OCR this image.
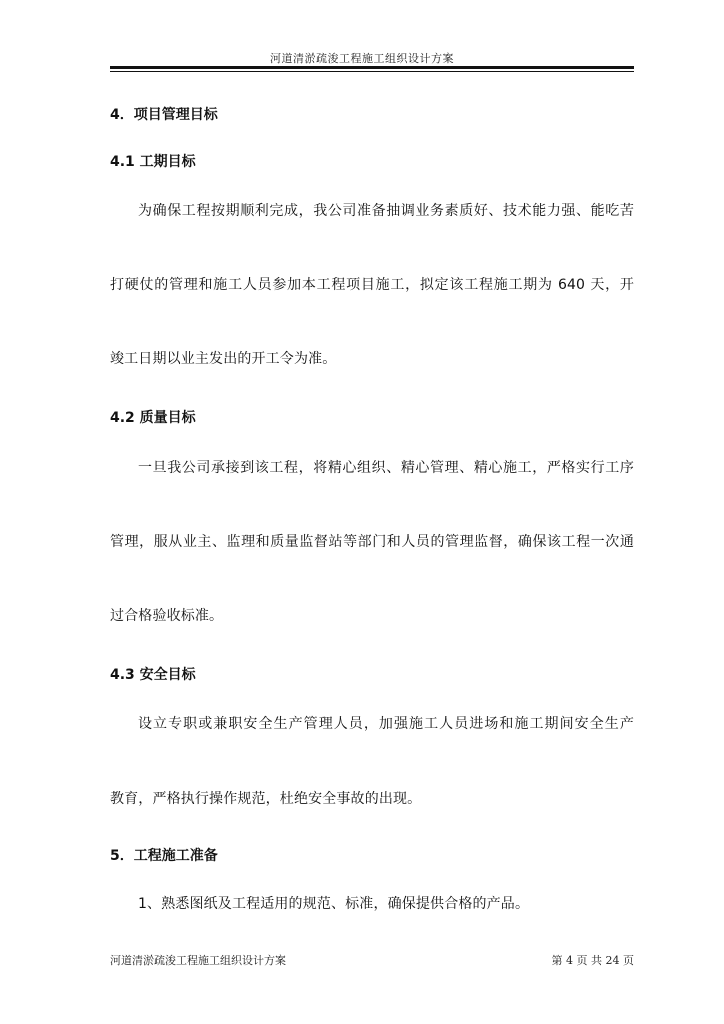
河道清淤疏浚工程施工组织设计方案
4．项目管理目标
4.1 工期目标

为确保工程按期顺利完成，我公司准备抽调业务素质好、技术能力强、能吃苦

打硬仗的管理和施工人员参加本工程项目施工，拟定该工程施工期为 640 天，开

竣工日期以业主发出的开工令为准。

4.2 质量目标

一旦我公司承接到该工程，将精心组织、精心管理、精心施工，严格实行工序

管理，服从业主、监理和质量监督站等部门和人员的管理监督，确保该工程一次通

过合格验收标准。

4.3 安全目标

设立专职或兼职安全生产管理人员，加强施工人员进场和施工期间安全生产

教育，严格执行操作规范，杜绝安全事故的出现。

5．工程施工准备

1、熟悉图纸及工程适用的规范、标准，确保提供合格的产品。

河道清淤疏浚工程施工组织设计方案	第 4 页 共 24 页
